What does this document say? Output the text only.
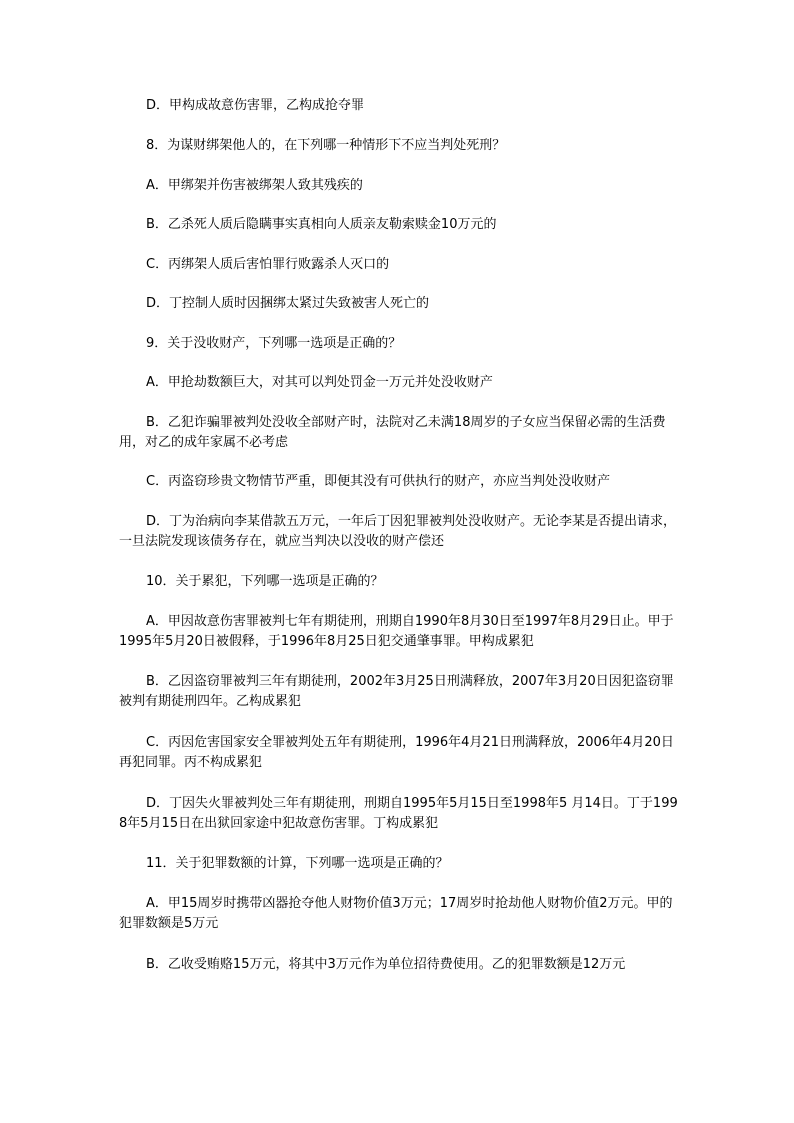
D．甲构成故意伤害罪，乙构成抢夺罪
8．为谋财绑架他人的，在下列哪一种情形下不应当判处死刑？
A．甲绑架并伤害被绑架人致其残疾的
B．乙杀死人质后隐瞒事实真相向人质亲友勒索赎金10万元的
C．丙绑架人质后害怕罪行败露杀人灭口的
D．丁控制人质时因捆绑太紧过失致被害人死亡的
9．关于没收财产，下列哪一选项是正确的？
A．甲抢劫数额巨大，对其可以判处罚金一万元并处没收财产
B．乙犯诈骗罪被判处没收全部财产时，法院对乙未满18周岁的子女应当保留必需的生活费用，对乙的成年家属不必考虑
C．丙盗窃珍贵文物情节严重，即便其没有可供执行的财产，亦应当判处没收财产
D．丁为治病向李某借款五万元，一年后丁因犯罪被判处没收财产。无论李某是否提出请求，一旦法院发现该债务存在，就应当判决以没收的财产偿还
10．关于累犯，下列哪一选项是正确的？
A．甲因故意伤害罪被判七年有期徒刑，刑期自1990年8月30日至1997年8月29日止。甲于1995年5月20日被假释，于1996年8月25日犯交通肇事罪。甲构成累犯
B．乙因盗窃罪被判三年有期徒刑，2002年3月25日刑满释放，2007年3月20日因犯盗窃罪被判有期徒刑四年。乙构成累犯
C．丙因危害国家安全罪被判处五年有期徒刑，1996年4月21日刑满释放，2006年4月20日再犯同罪。丙不构成累犯
D．丁因失火罪被判处三年有期徒刑，刑期自1995年5月15日至1998年5 月14日。丁于1998年5月15日在出狱回家途中犯故意伤害罪。丁构成累犯
11．关于犯罪数额的计算，下列哪一选项是正确的？
A．甲15周岁时携带凶器抢夺他人财物价值3万元；17周岁时抢劫他人财物价值2万元。甲的犯罪数额是5万元
B．乙收受贿赂15万元，将其中3万元作为单位招待费使用。乙的犯罪数额是12万元
